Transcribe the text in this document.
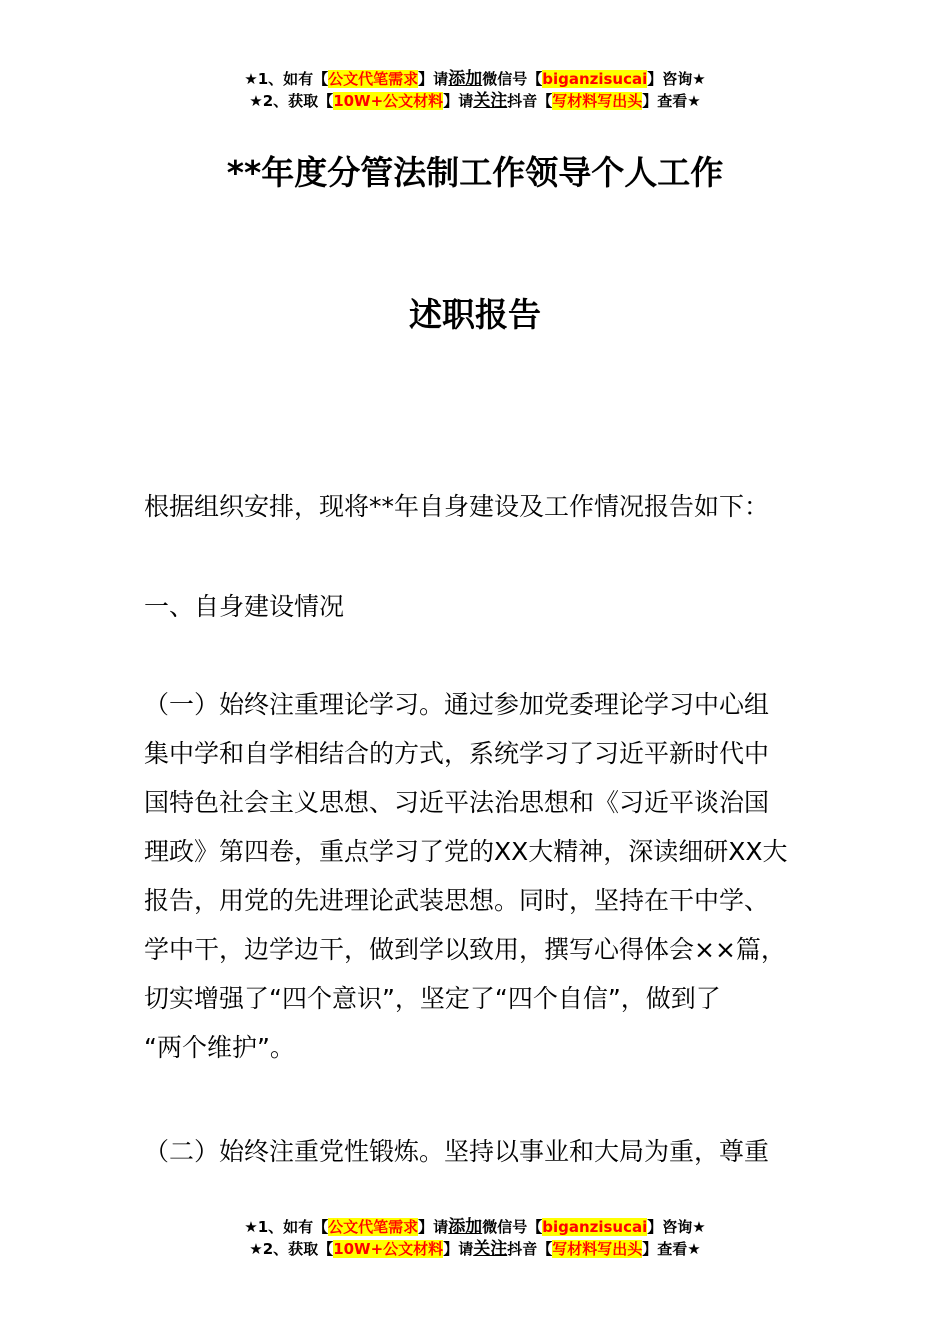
★1、如有【公文代笔需求】请添加微信号【biganzisucai】咨询★
★2、获取【10W+公文材料】请关注抖音【写材料写出头】查看★
**年度分管法制工作领导个人工作
述职报告
根据组织安排，现将**年自身建设及工作情况报告如下：
一、自身建设情况
（一）始终注重理论学习。通过参加党委理论学习中心组
集中学和自学相结合的方式，系统学习了习近平新时代中
国特色社会主义思想、习近平法治思想和《习近平谈治国
理政》第四卷，重点学习了党的XX大精神，深读细研XX大
报告，用党的先进理论武装思想。同时，坚持在干中学、
学中干，边学边干，做到学以致用，撰写心得体会××篇，
切实增强了“四个意识”，坚定了“四个自信”，做到了
“两个维护”。
（二）始终注重党性锻炼。坚持以事业和大局为重，尊重
★1、如有【公文代笔需求】请添加微信号【biganzisucai】咨询★
★2、获取【10W+公文材料】请关注抖音【写材料写出头】查看★
